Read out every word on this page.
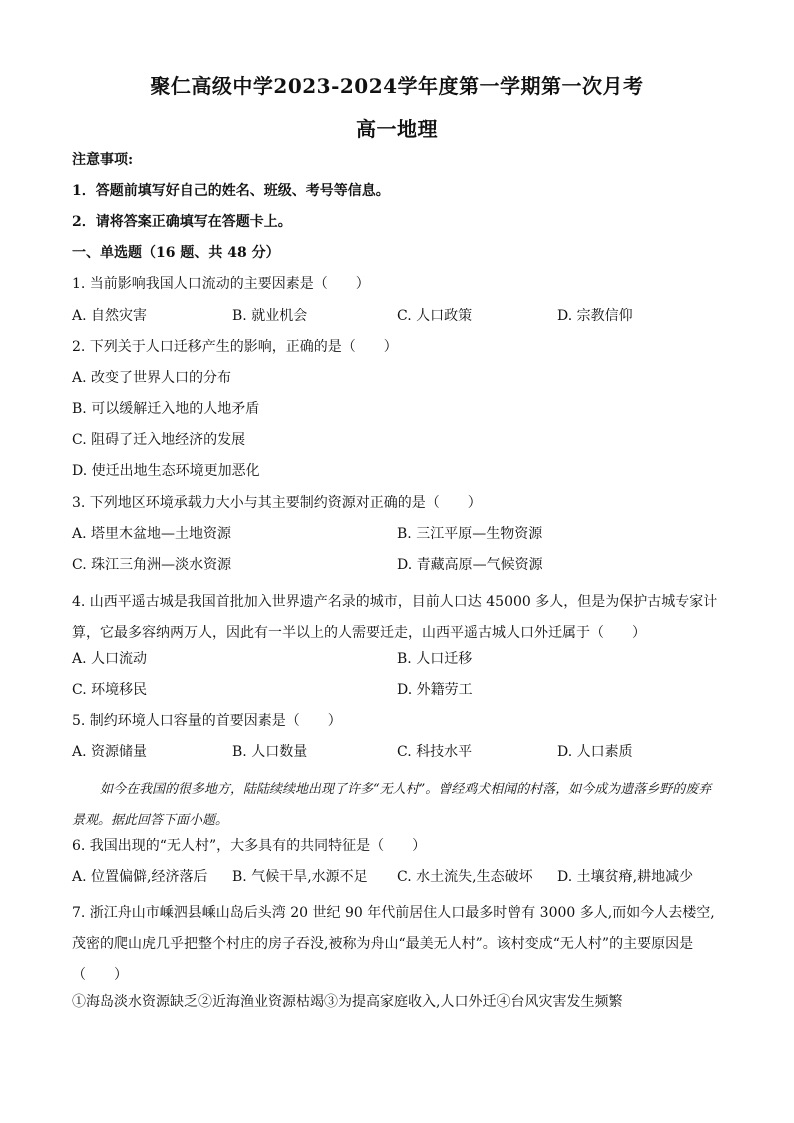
聚仁高级中学2023-2024学年度第一学期第一次月考
高一地理
注意事项:
1．答题前填写好自己的姓名、班级、考号等信息。
2．请将答案正确填写在答题卡上。
一、单选题（16 题、共 48 分）
1. 当前影响我国人口流动的主要因素是（　　）
A. 自然灾害	B. 就业机会	C. 人口政策	D. 宗教信仰
2. 下列关于人口迁移产生的影响，正确的是（　　）
A. 改变了世界人口的分布
B. 可以缓解迁入地的人地矛盾
C. 阻碍了迁入地经济的发展
D. 使迁出地生态环境更加恶化
3. 下列地区环境承载力大小与其主要制约资源对正确的是（　　）
A. 塔里木盆地—土地资源	B. 三江平原—生物资源
C. 珠江三角洲—淡水资源	D. 青藏高原—气候资源
4. 山西平遥古城是我国首批加入世界遗产名录的城市，目前人口达 45000 多人，但是为保护古城专家计算，它最多容纳两万人，因此有一半以上的人需要迁走，山西平遥古城人口外迁属于（　　）
A. 人口流动	B. 人口迁移
C. 环境移民	D. 外籍劳工
5. 制约环境人口容量的首要因素是（　　）
A. 资源储量	B. 人口数量	C. 科技水平	D. 人口素质
如今在我国的很多地方，陆陆续续地出现了许多“无人村”。曾经鸡犬相闻的村落，如今成为遗落乡野的废弃景观。据此回答下面小题。
6. 我国出现的“无人村”，大多具有的共同特征是（　　）
A. 位置偏僻,经济落后 B. 气候干旱,水源不足 C. 水土流失,生态破坏 D. 土壤贫瘠,耕地减少
7. 浙江舟山市嵊泗县嵊山岛后头湾 20 世纪 90 年代前居住人口最多时曾有 3000 多人,而如今人去楼空,茂密的爬山虎几乎把整个村庄的房子吞没,被称为舟山“最美无人村”。该村变成“无人村”的主要原因是（　　）
①海岛淡水资源缺乏②近海渔业资源枯竭③为提高家庭收入,人口外迁④台风灾害发生频繁
